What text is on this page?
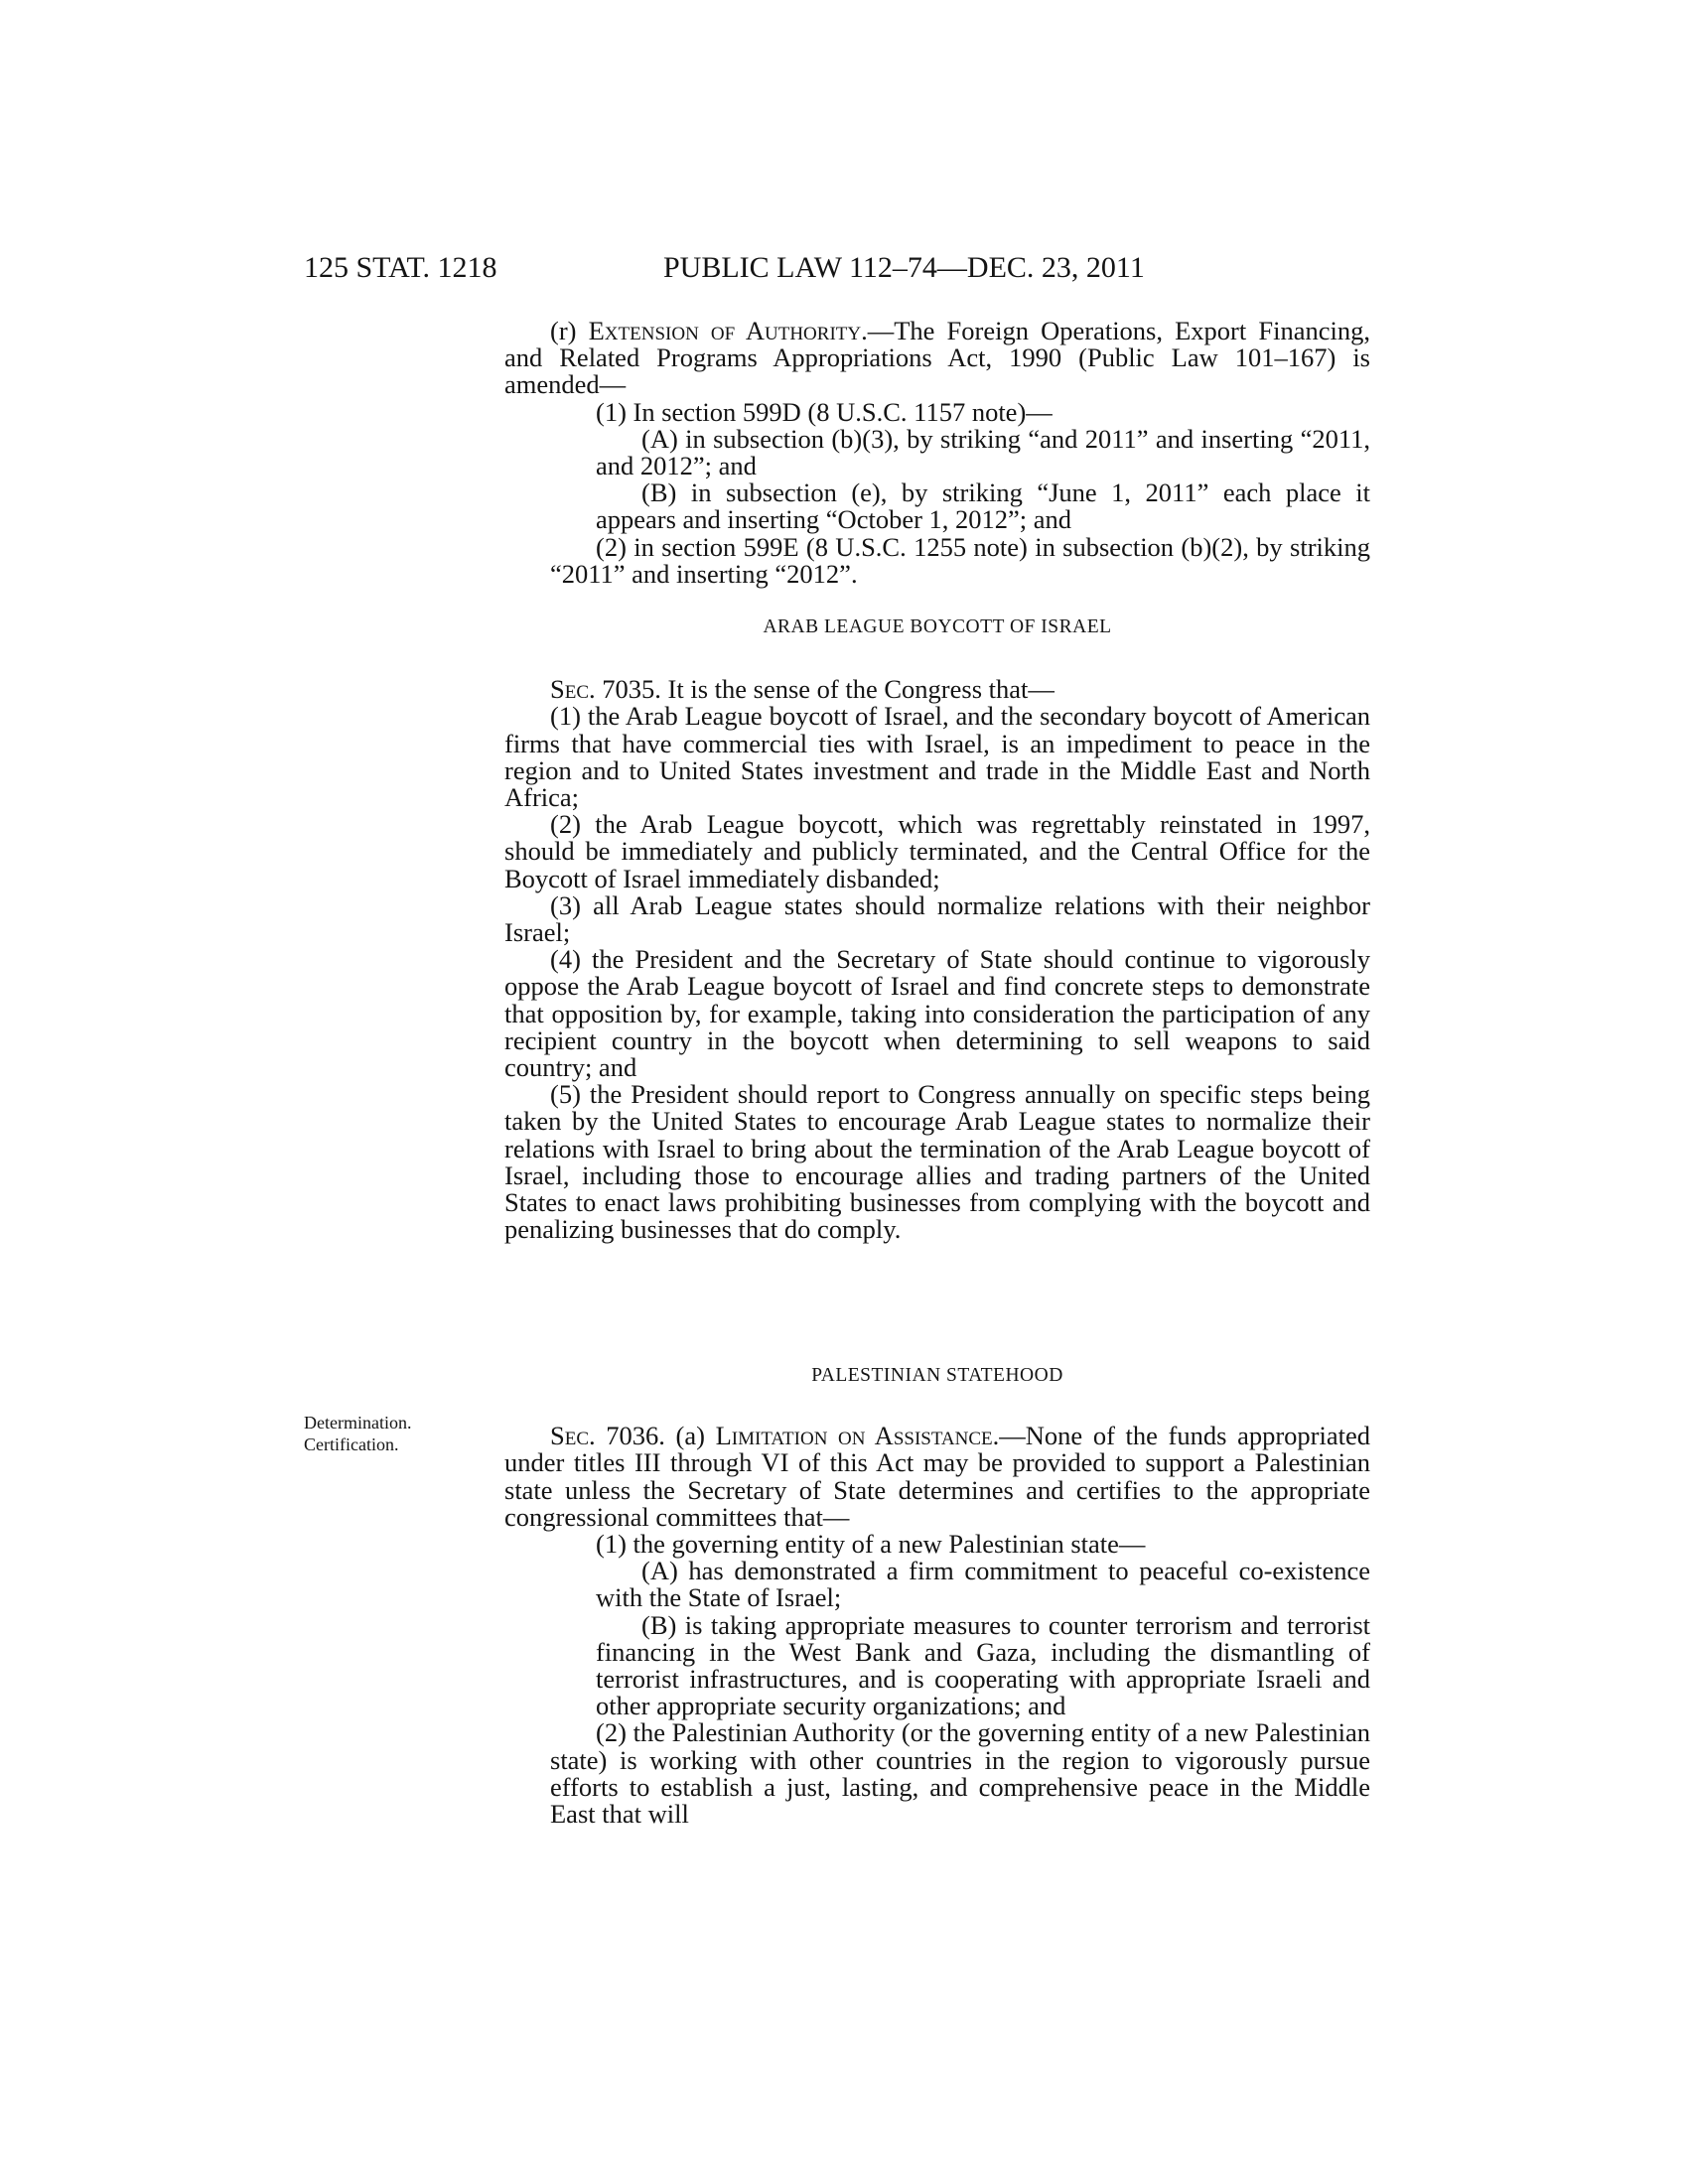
125 STAT. 1218	PUBLIC LAW 112–74—DEC. 23, 2011

(r) Extension of Authority.—The Foreign Operations, Export Financing, and Related Programs Appropriations Act, 1990 (Public Law 101–167) is amended—

(1) In section 599D (8 U.S.C. 1157 note)—

(A) in subsection (b)(3), by striking “and 2011” and inserting “2011, and 2012”; and

(B) in subsection (e), by striking “June 1, 2011” each place it appears and inserting “October 1, 2012”; and

(2) in section 599E (8 U.S.C. 1255 note) in subsection (b)(2), by striking “2011” and inserting “2012”.

ARAB LEAGUE BOYCOTT OF ISRAEL

Sec. 7035. It is the sense of the Congress that—

(1) the Arab League boycott of Israel, and the secondary boycott of American firms that have commercial ties with Israel, is an impediment to peace in the region and to United States investment and trade in the Middle East and North Africa;

(2) the Arab League boycott, which was regrettably reinstated in 1997, should be immediately and publicly terminated, and the Central Office for the Boycott of Israel immediately disbanded;

(3) all Arab League states should normalize relations with their neighbor Israel;

(4) the President and the Secretary of State should continue to vigorously oppose the Arab League boycott of Israel and find concrete steps to demonstrate that opposition by, for example, taking into consideration the participation of any recipient country in the boycott when determining to sell weapons to said country; and

(5) the President should report to Congress annually on specific steps being taken by the United States to encourage Arab League states to normalize their relations with Israel to bring about the termination of the Arab League boycott of Israel, including those to encourage allies and trading partners of the United States to enact laws prohibiting businesses from complying with the boycott and penalizing businesses that do comply.

Determination.
Certification.

PALESTINIAN STATEHOOD

Sec. 7036. (a) Limitation on Assistance.—None of the funds appropriated under titles III through VI of this Act may be provided to support a Palestinian state unless the Secretary of State determines and certifies to the appropriate congressional committees that—

(1) the governing entity of a new Palestinian state—

(A) has demonstrated a firm commitment to peaceful co-existence with the State of Israel;

(B) is taking appropriate measures to counter terrorism and terrorist financing in the West Bank and Gaza, including the dismantling of terrorist infrastructures, and is cooperating with appropriate Israeli and other appropriate security organizations; and

(2) the Palestinian Authority (or the governing entity of a new Palestinian state) is working with other countries in the region to vigorously pursue efforts to establish a just, lasting, and comprehensive peace in the Middle East that will
